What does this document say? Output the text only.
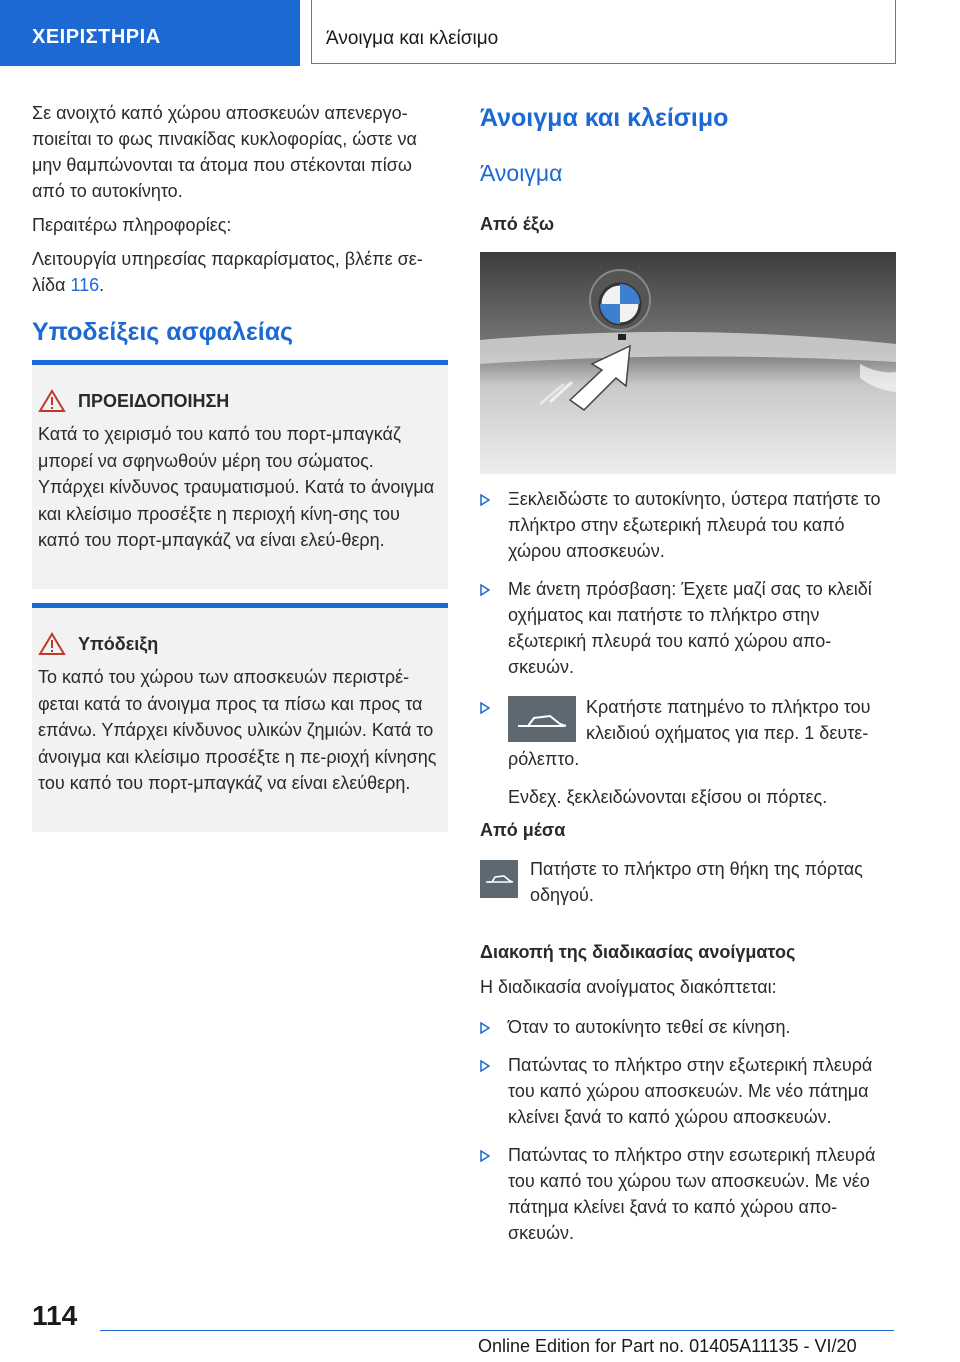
ΧΕΙΡΙΣΤΗΡΙΑ	Άνοιγμα και κλείσιμο

Σε ανοιχτό καπό χώρου αποσκευών απενεργο-ποιείται το φως πινακίδας κυκλοφορίας, ώστε να μην θαμπώνονται τα άτομα που στέκονται πίσω από το αυτοκίνητο.

Περαιτέρω πληροφορίες:

Λειτουργία υπηρεσίας παρκαρίσματος, βλέπε σε-λίδα 116.

Υποδείξεις ασφαλείας
ΠΡΟΕΙΔΟΠΟΙΗΣΗ
Κατά το χειρισμό του καπό του πορτ-μπαγκάζ μπορεί να σφηνωθούν μέρη του σώματος. Υπάρχει κίνδυνος τραυματισμού. Κατά το άνοιγμα και κλείσιμο προσέξτε η περιοχή κίνη-σης του καπό του πορτ-μπαγκάζ να είναι ελεύ-θερη.
Υπόδειξη
Το καπό του χώρου των αποσκευών περιστρέ-φεται κατά το άνοιγμα προς τα πίσω και προς τα επάνω. Υπάρχει κίνδυνος υλικών ζημιών. Κατά το άνοιγμα και κλείσιμο προσέξτε η πε-ριοχή κίνησης του καπό του πορτ-μπαγκάζ να είναι ελεύθερη.
Άνοιγμα και κλείσιμο
Άνοιγμα
Από έξω
Ξεκλειδώστε το αυτοκίνητο, ύστερα πατήστε το πλήκτρο στην εξωτερική πλευρά του καπό χώρου αποσκευών.
Με άνετη πρόσβαση: Έχετε μαζί σας το κλειδί οχήματος και πατήστε το πλήκτρο στην εξωτερική πλευρά του καπό χώρου απο-σκευών.
Κρατήστε πατημένο το πλήκτρο του κλειδιού οχήματος για περ. 1 δευτε-ρόλεπτο.
Ενδεχ. ξεκλειδώνονται εξίσου οι πόρτες.
Από μέσα
Πατήστε το πλήκτρο στη θήκη της πόρτας οδηγού.
Διακοπή της διαδικασίας ανοίγματος

Η διαδικασία ανοίγματος διακόπτεται:

Όταν το αυτοκίνητο τεθεί σε κίνηση.
Πατώντας το πλήκτρο στην εξωτερική πλευρά του καπό χώρου αποσκευών. Με νέο πάτημα κλείνει ξανά το καπό χώρου αποσκευών.
Πατώντας το πλήκτρο στην εσωτερική πλευρά του καπό του χώρου των αποσκευών. Με νέο πάτημα κλείνει ξανά το καπό χώρου απο-σκευών.
114
Online Edition for Part no. 01405A11135 - VI/20
